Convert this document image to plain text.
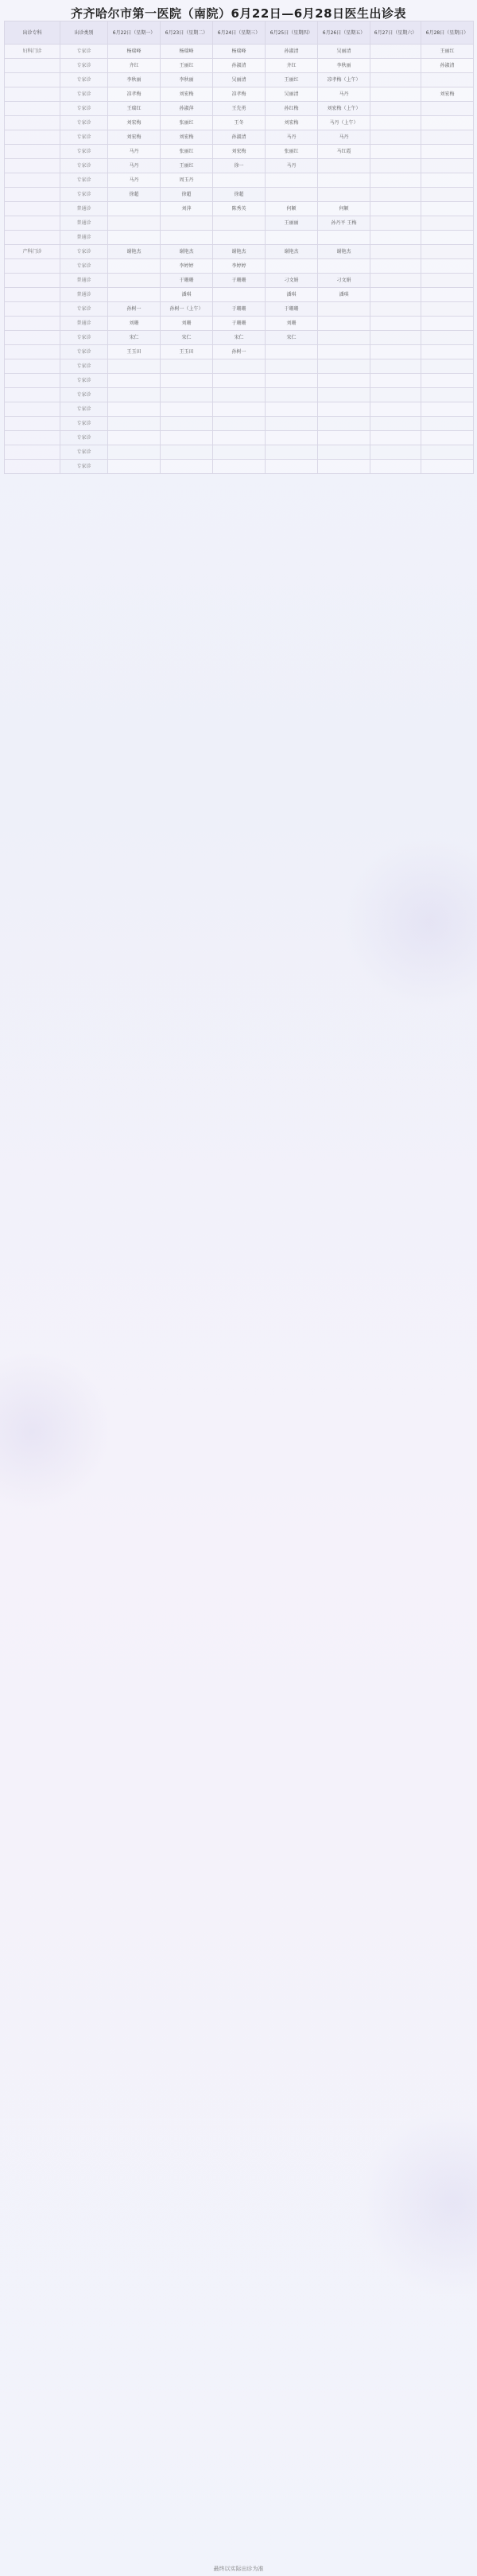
齐齐哈尔市第一医院（南院）6月22日—6月28日医生出诊表
出诊专科	出诊类别	6月22日（星期一）	6月23日（星期二）	6月24日（星期三）	6月25日（星期四）	6月26日（星期五）	6月27日（星期六）	6月28日（星期日）
妇科门诊	专家诊	杨瑞峰	杨瑞峰	杨瑞峰	孙淑清	吴丽清		王丽红
	专家诊	齐红	王丽红	孙淑清	齐红	李秋丽		孙淑清
	专家诊	李秋丽	李秋丽	吴丽清	王丽红	凉孝梅（上午）		
	专家诊	凉孝梅	刘宏梅	凉孝梅	吴丽清	马丹		刘宏梅
	专家诊	王瑞红	孙淑萍	王先勇	孙红梅	刘宏梅（上午）		
	专家诊	刘宏梅	张丽红	王冬	刘宏梅	马丹（上午）		
	专家诊	刘宏梅	刘宏梅	孙淑清	马丹	马丹		
	专家诊	马丹	张丽红	刘宏梅	张丽红	马红霞		
	专家诊	马丹	王丽红	徐一	马丹			
	专家诊	马丹	周玉丹					
	专家诊	徐超	徐超	徐超				
	普通诊		刘萍	陈秀英	何颖	何颖		
	普通诊				王丽丽	孙丹平 王梅		
	普通诊							
产科门诊	专家诊	谢艳杰	谢艳杰	谢艳杰	谢艳杰	谢艳杰		
	专家诊		李婷婷	李婷婷				
	普通诊		于珊珊	于珊珊	刁文娟	刁文娟		
	普通诊		潘琪		潘琪	潘琪		
	专家诊	孙树一	孙树一（上午）	于珊珊	于珊珊			
	普通诊	刘珊	刘珊	于珊珊	刘珊			
	专家诊	宋仁	宋仁	宋仁	宋仁			
	专家诊	王玉田	王玉田	孙树一				
	专家诊							
	专家诊							
	专家诊							
	专家诊							
	专家诊							
	专家诊							
	专家诊							
	专家诊							
最终以实际出诊为准
